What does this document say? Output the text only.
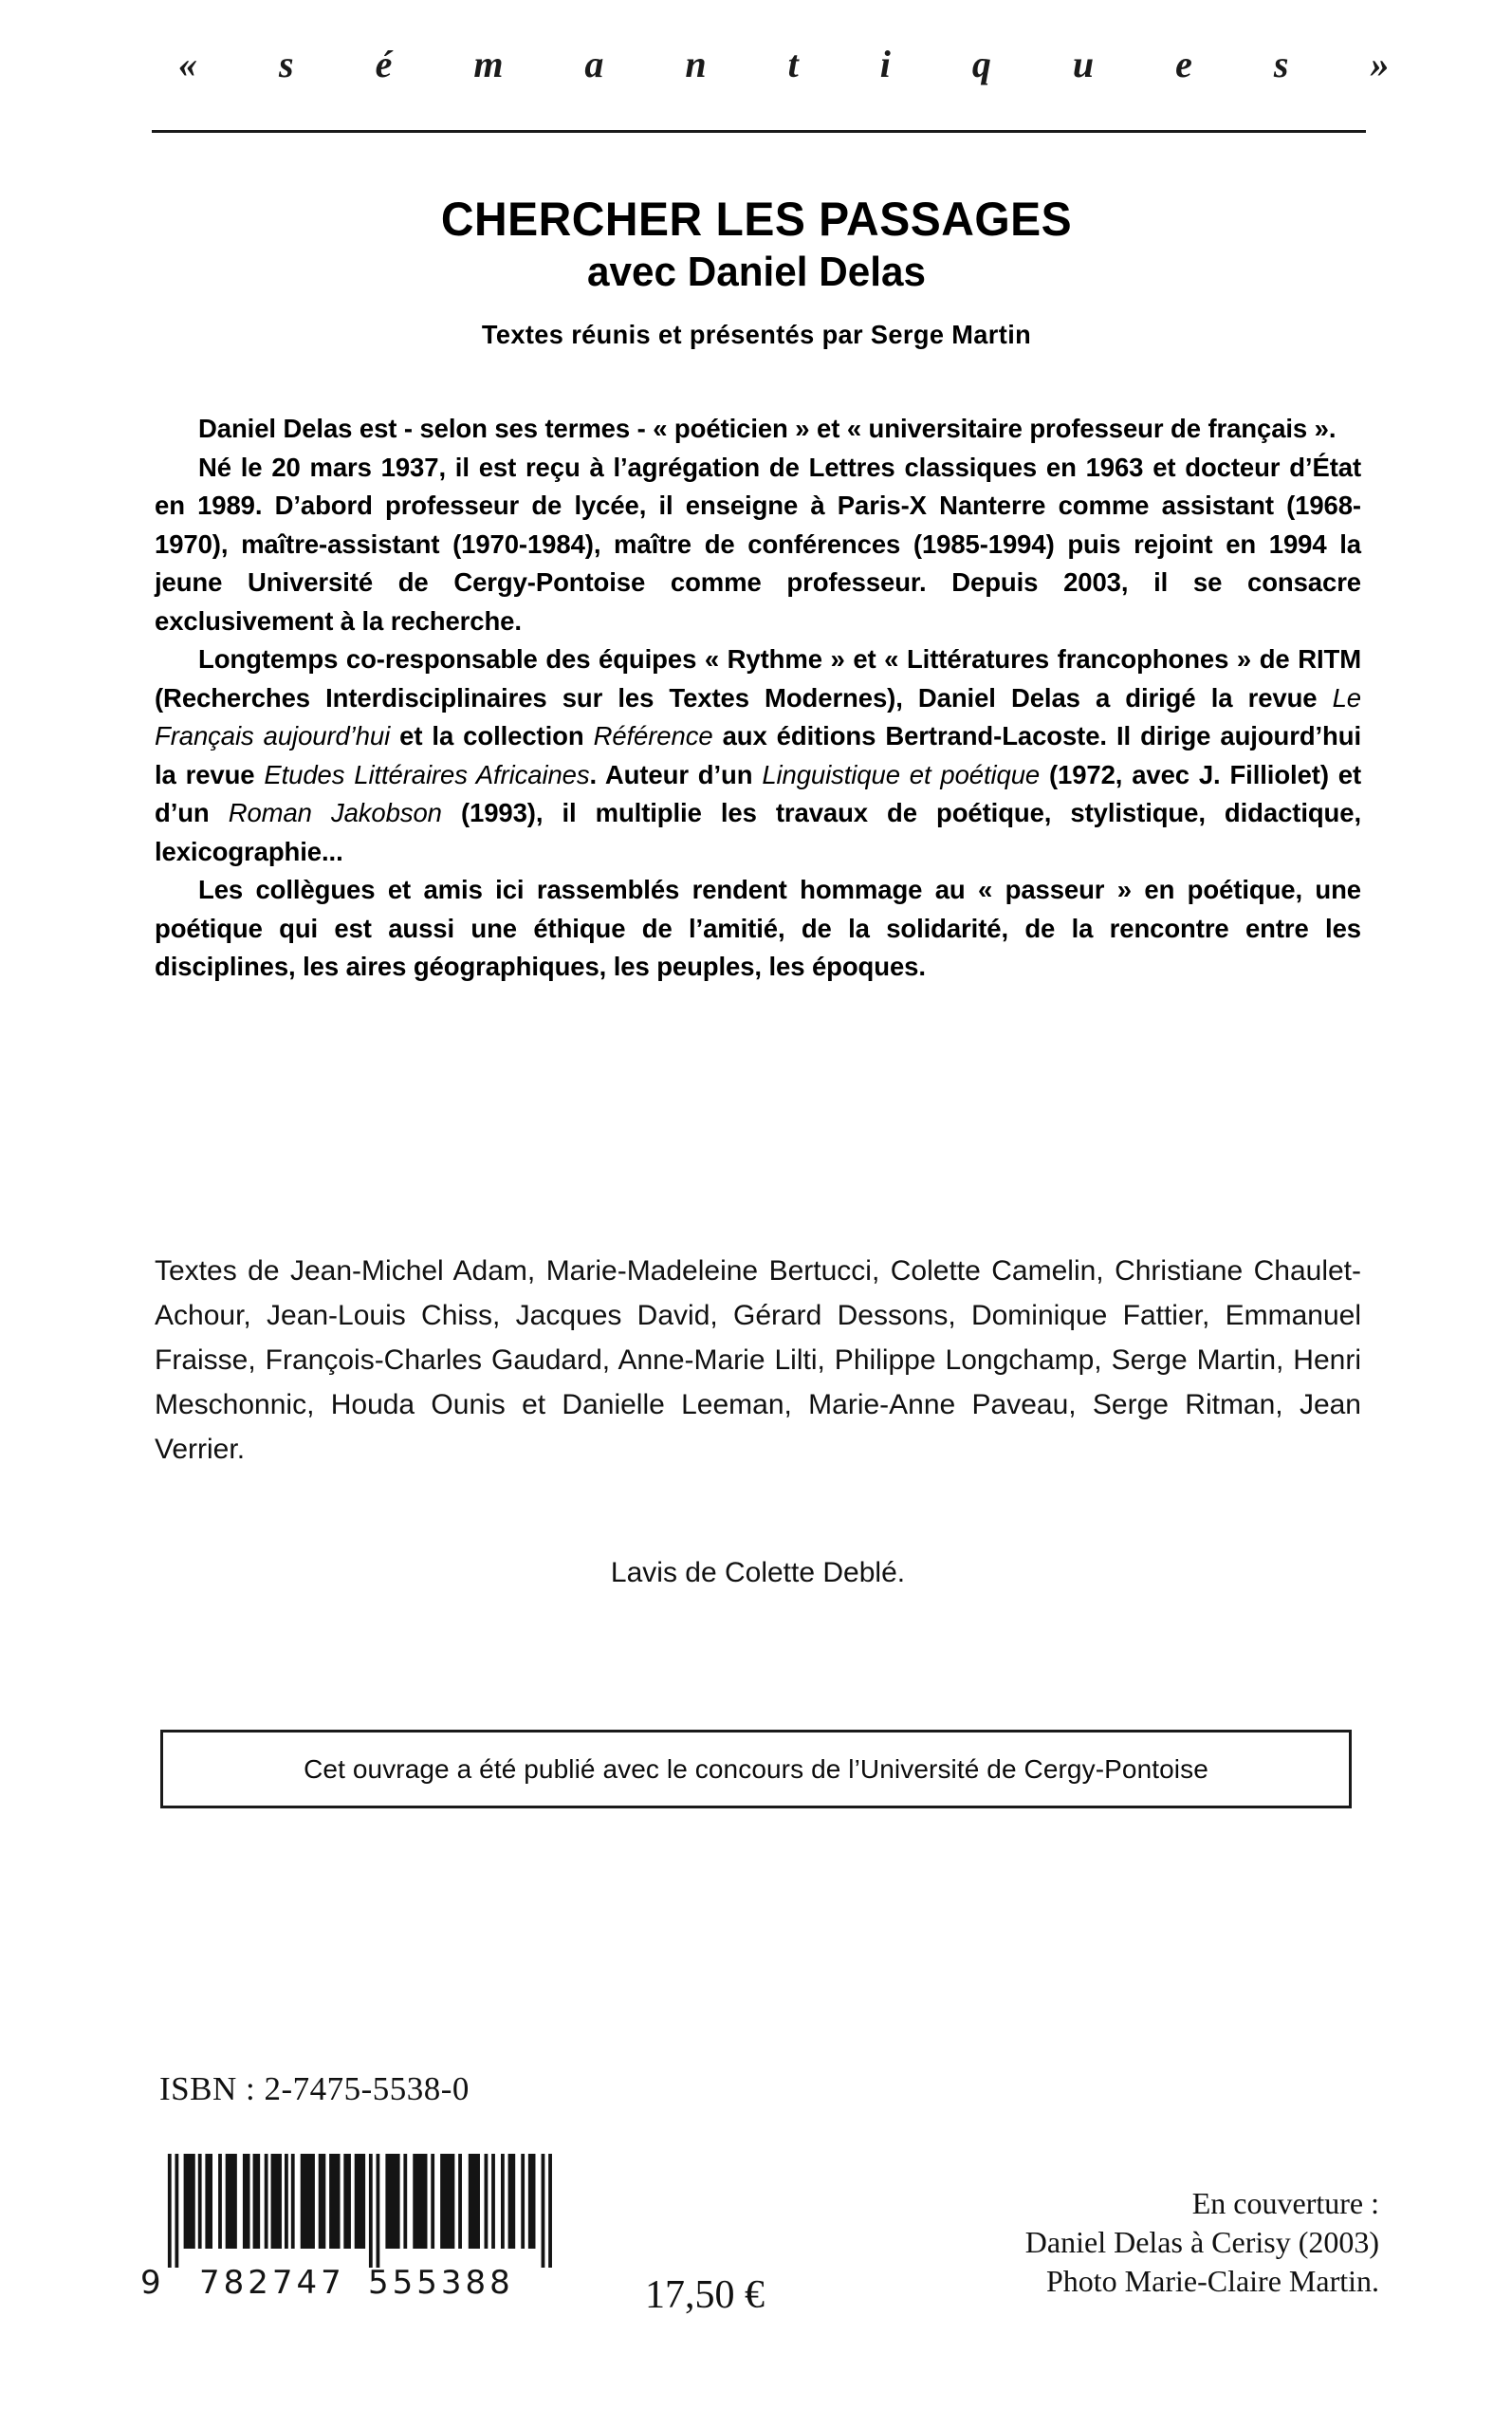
« s é m a n t i q u e s »
CHERCHER LES PASSAGES
avec Daniel Delas
Textes réunis et présentés par Serge Martin

Daniel Delas est - selon ses termes - « poéticien » et « universitaire professeur de français ».

Né le 20 mars 1937, il est reçu à l’agrégation de Lettres classiques en 1963 et docteur d’État en 1989. D’abord professeur de lycée, il enseigne à Paris-X Nanterre comme assistant (1968-1970), maître-assistant (1970-1984), maître de conférences (1985-1994) puis rejoint en 1994 la jeune Université de Cergy-Pontoise comme professeur. Depuis 2003, il se consacre exclusivement à la recherche.

Longtemps co-responsable des équipes « Rythme » et « Littératures francophones » de RITM (Recherches Interdisciplinaires sur les Textes Modernes), Daniel Delas a dirigé la revue Le Français aujourd’hui et la collection Référence aux éditions Bertrand-Lacoste. Il dirige aujourd’hui la revue Etudes Littéraires Africaines. Auteur d’un Linguistique et poétique (1972, avec J. Filliolet) et d’un Roman Jakobson (1993), il multiplie les travaux de poétique, stylistique, didactique, lexicographie...

Les collègues et amis ici rassemblés rendent hommage au « passeur » en poétique, une poétique qui est aussi une éthique de l’amitié, de la solidarité, de la rencontre entre les disciplines, les aires géographiques, les peuples, les époques.

Textes de Jean-Michel Adam, Marie-Madeleine Bertucci, Colette Camelin, Christiane Chaulet-Achour, Jean-Louis Chiss, Jacques David, Gérard Dessons, Dominique Fattier, Emmanuel Fraisse, François-Charles Gaudard, Anne-Marie Lilti, Philippe Longchamp, Serge Martin, Henri Meschonnic, Houda Ounis et Danielle Leeman, Marie-Anne Paveau, Serge Ritman, Jean Verrier.

Lavis de Colette Deblé.
Cet ouvrage a été publié avec le concours de l’Université de Cergy-Pontoise
ISBN : 2-7475-5538-0
9 782747 555388	17,50 €
En couverture :
Daniel Delas à Cerisy (2003)
Photo Marie-Claire Martin.
